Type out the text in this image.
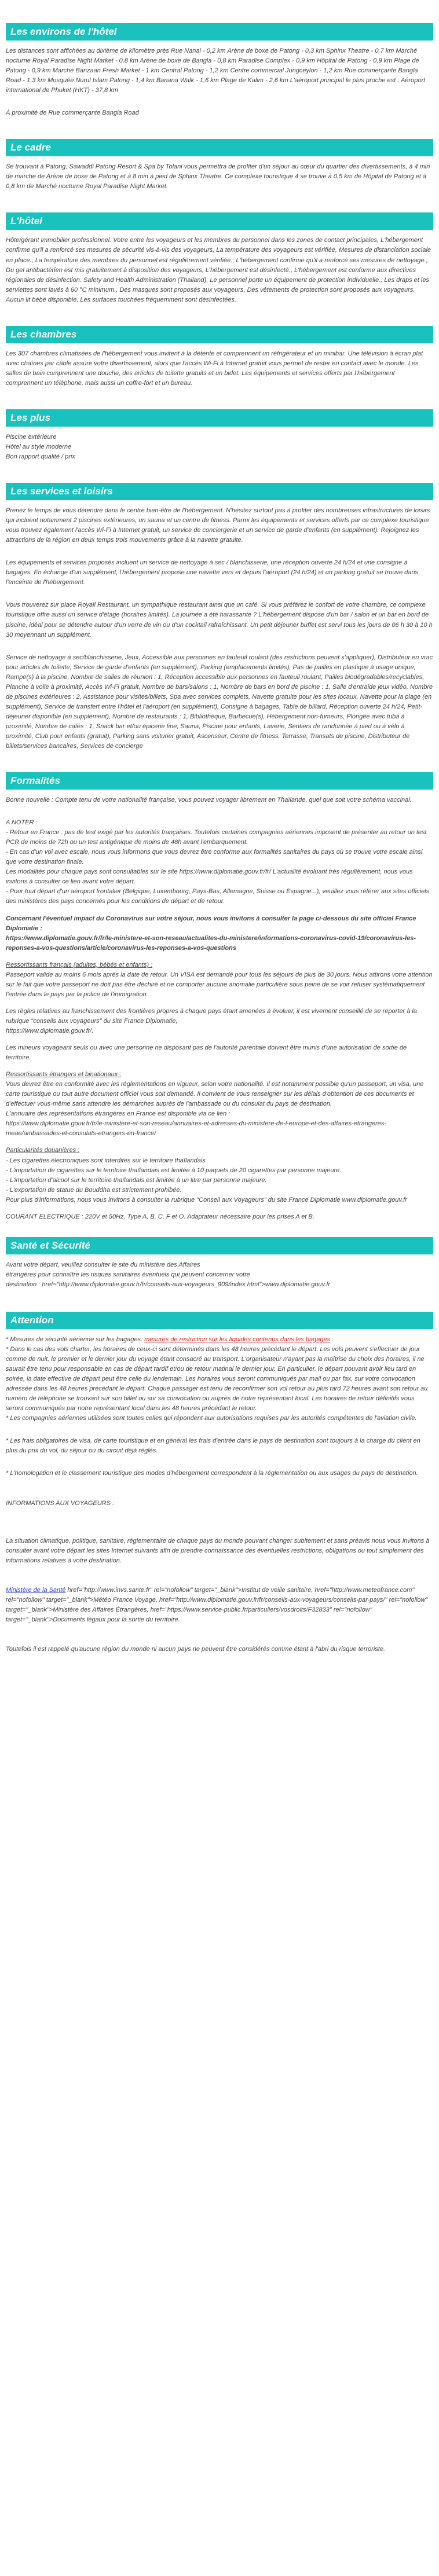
Les environs de l'hôtel

Les distances sont affichées au dixième de kilomètre près Rue Nanai - 0,2 km Arène de boxe de Patong - 0,3 km Sphinx Theatre - 0,7 km Marché nocturne Royal Paradise Night Market - 0,8 km Arène de boxe de Bangla - 0,8 km Paradise Complex - 0,9 km Hôpital de Patong - 0,9 km Plage de Patong - 0,9 km Marché Banzaan Fresh Market - 1 km Central Patong - 1,2 km Centre commercial Jungceylon - 1,2 km Rue commerçante Bangla Road - 1,3 km Mosquée Nurul Islam Patong - 1,4 km Banana Walk - 1,6 km Plage de Kalim - 2,6 km L'aéroport principal le plus proche est : Aéroport international de Phuket (HKT) - 37,8 km

À proximité de Rue commerçante Bangla Road

Le cadre

Se trouvant à Patong, Sawaddi Patong Resort & Spa by Tolani vous permettra de profiter d'un séjour au cœur du quartier des divertissements, à 4 min de marche de Arène de boxe de Patong et à 8 min à pied de Sphinx Theatre. Ce complexe touristique 4 se trouve à 0,5 km de Hôpital de Patong et à 0,8 km de Marché nocturne Royal Paradise Night Market.

L'hôtel

Hôte/gérant immobilier professionnel. Votre entre les voyageurs et les membres du personnel dans les zones de contact principales, L'hébergement confirme qu'il a renforcé ses mesures de sécurité vis-à-vis des voyageurs, La température des voyageurs est vérifiée, Mesures de distanciation sociale en place., La température des membres du personnel est régulièrement vérifiée., L'hébergement confirme qu'il a renforcé ses mesures de nettoyage., Du gel antibactérien est mis gratuitement à disposition des voyageurs, L'hébergement est désinfecté., L'hébergement est conforme aux directives régionales de désinfection. Safety and Health Administration (Thailand), Le personnel porte un équipement de protection individuelle., Les draps et les serviettes sont lavés à 60 °C minimum., Des masques sont proposés aux voyageurs, Des vêtements de protection sont proposés aux voyageurs. Aucun lit bébé disponible, Les surfaces touchées fréquemment sont désinfectées.

Les chambres

Les 307 chambres climatisées de l'hébergement vous invitent à la détente et comprennent un réfrigérateur et un minibar. Une télévision à écran plat avec chaînes par câble assure votre divertissement, alors que l'accès Wi-Fi à Internet gratuit vous permet de rester en contact avec le monde. Les salles de bain comprennent une douche, des articles de toilette gratuits et un bidet. Les équipements et services offerts par l'hébergement comprennent un téléphone, mais aussi un coffre-fort et un bureau.

Les plus
Piscine extérieure
Hôtel au style moderne
Bon rapport qualité / prix
Les services et loisirs

Prenez le temps de vous détendre dans le centre bien-être de l'hébergement. N'hésitez surtout pas à profiter des nombreuses infrastructures de loisirs qui incluent notamment 2 piscines extérieures, un sauna et un centre de fitness. Parmi les équipements et services offerts par ce complexe touristique vous trouvez également l'accès Wi-Fi à Internet gratuit, un service de conciergerie et un service de garde d'enfants (en supplément). Rejoignez les attractions de la région en deux temps trois mouvements grâce à la navette gratuite.

Les équipements et services proposés incluent un service de nettoyage à sec / blanchisserie, une réception ouverte 24 h/24 et une consigne à bagages. En échange d'un supplément, l'hébergement propose une navette vers et depuis l'aéroport (24 h/24) et un parking gratuit se trouve dans l'enceinte de l'hébergement.

Vous trouverez sur place Royall Restaurant, un sympathique restaurant ainsi que un café. Si vous préférez le confort de votre chambre, ce complexe touristique offre aussi un service d'étage (horaires limités). La journée a été harassante ? L'hébergement dispose d'un bar / salon et un bar en bord de piscine, idéal pour se détendre autour d'un verre de vin ou d'un cocktail rafraîchissant. Un petit déjeuner buffet est servi tous les jours de 06 h 30 à 10 h 30 moyennant un supplément.

Service de nettoyage à sec/blanchisserie, Jeux, Accessible aux personnes en fauteuil roulant (des restrictions peuvent s'appliquer), Distributeur en vrac pour articles de toilette, Service de garde d'enfants (en supplément), Parking (emplacements limités), Pas de pailles en plastique à usage unique, Rampe(s) à la piscine, Nombre de salles de réunion : 1, Réception accessible aux personnes en fauteuil roulant, Pailles biodégradables/recyclables, Planche à voile à proximité, Accès Wi-Fi gratuit, Nombre de bars/salons : 1, Nombre de bars en bord de piscine : 1, Salle d'entraide jeux vidéo, Nombre de piscines extérieures : 2, Assistance pour visites/billets, Spa avec services complets, Navette gratuite pour les sites locaux, Navette pour la plage (en supplément), Service de transfert entre l'hôtel et l'aéroport (en supplément), Consigne à bagages, Table de billard, Réception ouverte 24 h/24, Petit-déjeuner disponible (en supplément), Nombre de restaurants : 1, Bibliothèque, Barbecue(s), Hébergement non-fumeurs, Plongée avec tuba à proximité, Nombre de cafés : 1, Snack bar et/ou épicerie fine, Sauna, Piscine pour enfants, Laverie, Sentiers de randonnée à pied ou à vélo à proximité, Club pour enfants (gratuit), Parking sans voiturier gratuit, Ascenseur, Centre de fitness, Terrasse, Transats de piscine, Distributeur de billets/services bancaires, Services de concierge

Formalités

Bonne nouvelle : Compte tenu de votre nationalité française, vous pouvez voyager librement en Thaïlande, quel que soit votre schéma vaccinal.

A NOTER :
- Retour en France : pas de test exigé par les autorités françaises. Toutefois certaines compagnies aériennes imposent de présenter au retour un test PCR de moins de 72h ou un test antigénique de moins de 48h avant l'embarquement.
- En cas d'un voi avec escale, nous vous informons que vous devrez être conforme aux formalités sanitaires du pays où se trouve votre escale ainsi que votre destination finale.
Les modalités pour chaque pays sont consultables sur le site https://www.diplomatie.gouv.fr/fr/ L'actualité évoluant très régulièrement, nous vous invitons à consulter ce lien avant votre départ.
- Pour tout départ d'un aéroport frontalier (Belgique, Luxembourg, Pays-Bas, Allemagne, Suisse ou Espagne...), veuillez vous référer aux sites officiels des ministères des pays concernés pour les conditions de départ et de retour.
Concernant l'éventuel impact du Coronavirus sur votre séjour, nous vous invitons à consulter la page ci-dessous du site officiel France Diplomatie :
https://www.diplomatie.gouv.fr/fr/le-ministere-et-son-reseau/actualites-du-ministere/informations-coronavirus-covid-19/coronavirus-les-reponses-a-vos-questions/article/coronavirus-les-reponses-a-vos-questions
Ressortissants français (adultes, bébés et enfants) :
Passeport valide au moins 6 mois après la date de retour. Un VISA est demandé pour tous les séjours de plus de 30 jours. Nous attirons votre attention sur le fait que votre passeport ne doit pas être déchiré et ne comporter aucune anomalie particulière sous peine de se voir refuser systématiquement l'entrée dans le pays par la police de l'immigration.
Les règles relatives au franchissement des frontières propres à chaque pays étant amenées à évoluer, il est vivement conseillé de se reporter à la rubrique "conseils aux voyageurs" du site France Diplomatie,
https://www.diplomatie.gouv.fr/.
Les mineurs voyageant seuls ou avec une personne ne disposant pas de l'autorité parentale doivent être munis d'une autorisation de sortie de territoire.
Ressortissants étrangers et binationaux :
Vous devrez être en conformité avec les réglementations en vigueur, selon votre nationalité. Il est notamment possible qu'un passeport, un visa, une carte touristique ou tout autre document officiel vous soit demandé. Il convient de vous renseigner sur les délais d'obtention de ces documents et d'effectuer vous-même sans attendre les démarches auprès de l'ambassade ou du consulat du pays de destination.
L'annuaire des représentations étrangères en France est disponible via ce lien :
https://www.diplomatie.gouv.fr/fr/le-ministere-et-son-reseau/annuaires-et-adresses-du-ministere-de-l-europe-et-des-affaires-etrangeres-meae/ambassades-et-consulats-etrangers-en-france/
Particularités douanières :
- Les cigarettes électroniques sont interdites sur le territoire thaïlandais
- L'importation de cigarettes sur le territoire thaïlandais est limitée à 10 paquets de 20 cigarettes par personne majeure.
- L'importation d'alcool sur le territoire thaïlandais est limitée à un litre par personne majeure.
- L'exportation de statue du Bouddha est strictement prohibée.
Pour plus d'informations, nous vous invitons à consulter la rubrique "Conseil aux Voyageurs" du site France Diplomatie www.diplomatie.gouv.fr
COURANT ELECTRIQUE : 220V et 50Hz, Type A, B, C, F et O. Adaptateur nécessaire pour les prises A et B.
Santé et Sécurité
Avant votre départ, veuillez consulter le site du ministère des Affaires
étrangères pour connaître les risques sanitaires éventuels qui peuvent concerner votre
destination : href="http://www.diplomatie.gouv.fr/fr/conseils-aux-voyageurs_909/index.html">www.diplomatie.gouv.fr
Attention

* Mesures de sécurité aérienne sur les bagages: mesures de restriction sur les liquides contenus dans les bagages
* Dans le cas des vols charter, les horaires de ceux-ci sont déterminés dans les 48 heures précédant le départ. Les vols peuvent s'effectuer de jour comme de nuit, le premier et le dernier jour du voyage étant consacré au transport. L'organisateur n'ayant pas la maîtrise du choix des horaires, il ne saurait être tenu pour responsable en cas de départ tardif et/ou de retour matinal le dernier jour. En particulier, le départ pouvant avoir lieu tard en soirée, la date effective de départ peut être celle du lendemain. Les horaires vous seront communiqués par mail ou par fax, sur votre convocation adressée dans les 48 heures précédant le départ. Chaque passager est tenu de reconfirmer son vol retour au plus tard 72 heures avant son retour au numéro de téléphone se trouvant sur son billet ou sur sa convocation ou auprès de notre représentant local. Les horaires de retour définitifs vous seront communiqués par notre représentant local dans les 48 heures précédant le retour.
* Les compagnies aériennes utilisées sont toutes celles qui répondent aux autorisations requises par les autorités compétentes de l'aviation civile.

* Les frais obligatoires de visa, de carte touristique et en général les frais d'entrée dans le pays de destination sont toujours à la charge du client en plus du prix du vol, du séjour ou du circuit déjà réglés.

* L'homologation et le classement touristique des modes d'hébergement correspondent à la réglementation ou aux usages du pays de destination.

INFORMATIONS AUX VOYAGEURS :

La situation climatique, politique, sanitaire, réglementaire de chaque pays du monde pouvant changer subitement et sans préavis nous vous invitons à consulter avant votre départ les sites Internet suivants afin de prendre connaissance des éventuelles restrictions, obligations ou tout simplement des informations relatives à votre destination.

Ministère de la Santé href="http://www.invs.sante.fr" rel="nofollow" target="_blank">Institut de veille sanitaire, href="http://www.meteofrance.com" rel="nofollow" target="_blank">Météo France Voyage, href="http://www.diplomatie.gouv.fr/fr/conseils-aux-voyageurs/conseils-par-pays/" rel="nofollow" target="_blank">Ministère des Affaires Étrangères, href="https://www.service-public.fr/particuliers/vosdroits/F32833" rel="nofollow" target="_blank">Documents légaux pour la sortie du territoire.

Toutefois il est rappelé qu'aucune région du monde ni aucun pays ne peuvent être considérés comme étant à l'abri du risque terroriste.
